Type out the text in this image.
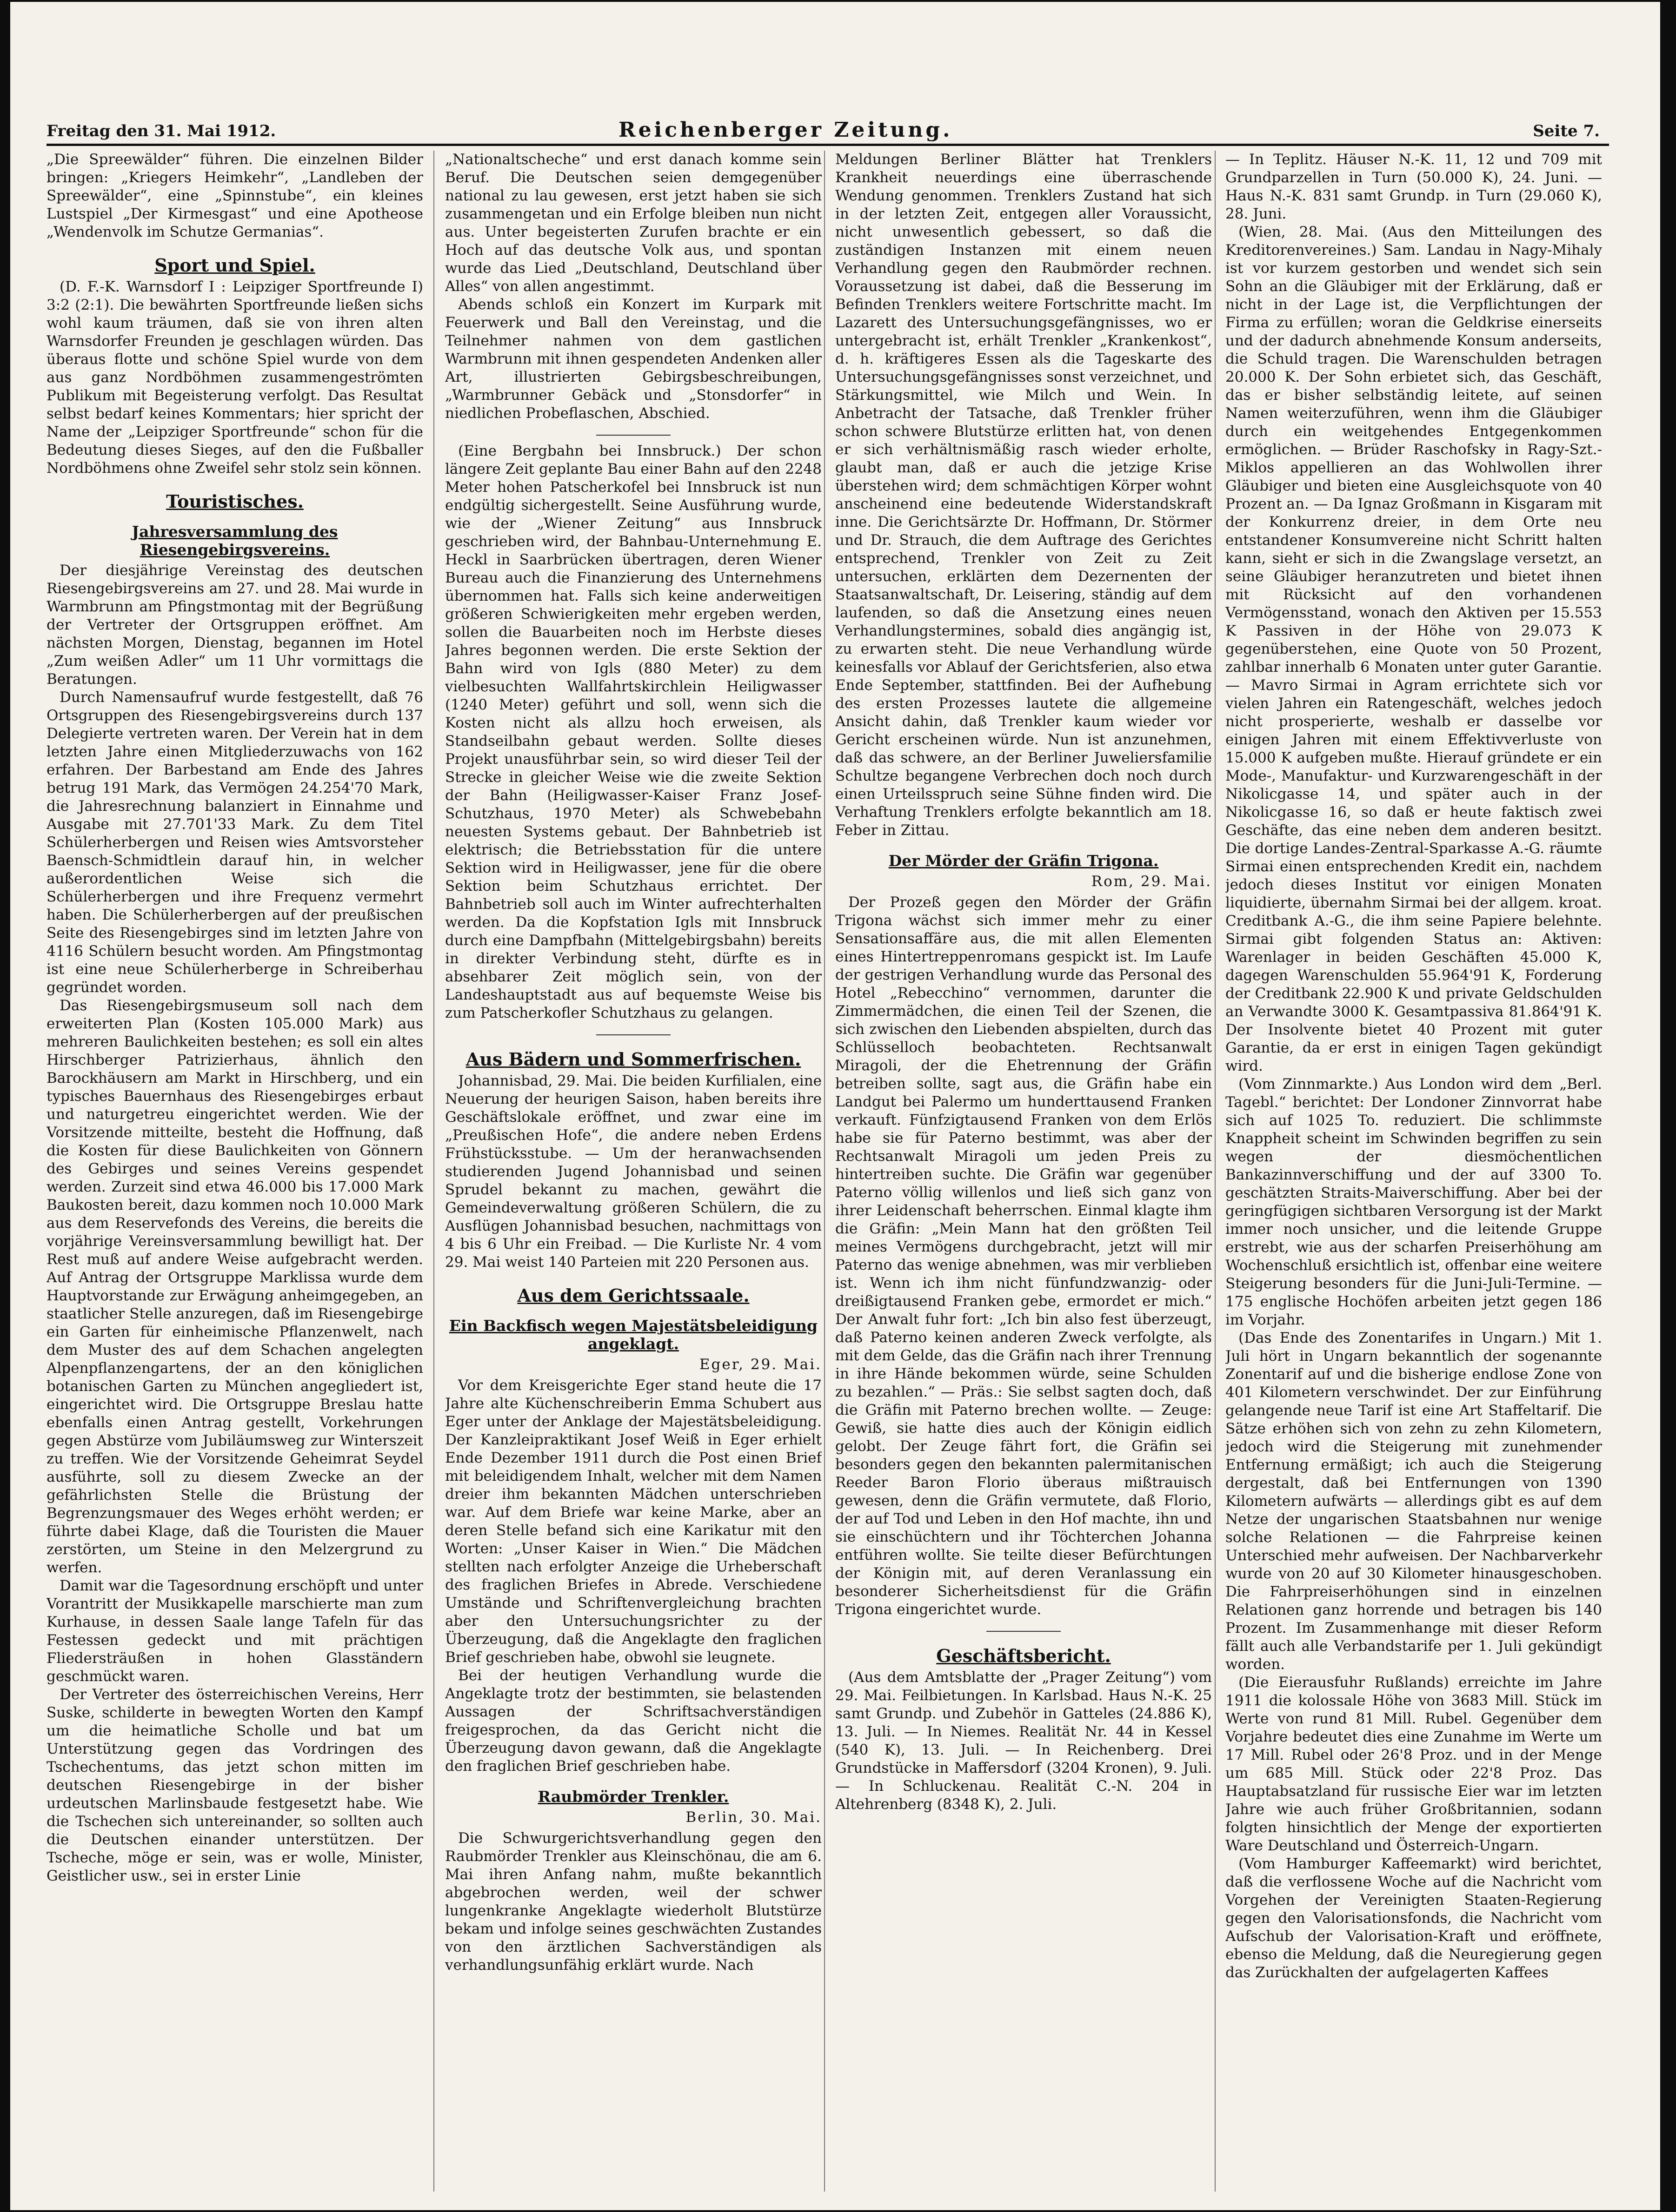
Freitag den 31. Mai 1912.	Reichenberger Zeitung.	Seite 7.

„Die Spreewälder“ führen. Die einzelnen Bilder bringen: „Kriegers Heimkehr“, „Landleben der Spreewälder“, eine „Spinnstube“, ein kleines Lustspiel „Der Kirmesgast“ und eine Apotheose „Wendenvolk im Schutze Germanias“.

Sport und Spiel.

(D. F.-K. Warnsdorf I : Leipziger Sportfreunde I) 3:2 (2:1). Die bewährten Sportfreunde ließen sichs wohl kaum träumen, daß sie von ihren alten Warnsdorfer Freunden je geschlagen würden. Das überaus flotte und schöne Spiel wurde von dem aus ganz Nordböhmen zusammengeströmten Publikum mit Begeisterung verfolgt. Das Resultat selbst bedarf keines Kommentars; hier spricht der Name der „Leipziger Sportfreunde“ schon für die Bedeutung dieses Sieges, auf den die Fußballer Nordböhmens ohne Zweifel sehr stolz sein können.

Touristisches.
Jahresversammlung des Riesengebirgsvereins.

Der diesjährige Vereinstag des deutschen Riesengebirgsvereins am 27. und 28. Mai wurde in Warmbrunn am Pfingstmontag mit der Begrüßung der Vertreter der Ortsgruppen eröffnet. Am nächsten Morgen, Dienstag, begannen im Hotel „Zum weißen Adler“ um 11 Uhr vormittags die Beratungen.

Durch Namensaufruf wurde festgestellt, daß 76 Ortsgruppen des Riesengebirgsvereins durch 137 Delegierte vertreten waren. Der Verein hat in dem letzten Jahre einen Mitgliederzuwachs von 162 erfahren. Der Barbestand am Ende des Jahres betrug 191 Mark, das Vermögen 24.254'70 Mark, die Jahresrechnung balanziert in Einnahme und Ausgabe mit 27.701'33 Mark. Zu dem Titel Schülerherbergen und Reisen wies Amtsvorsteher Baensch-Schmidtlein darauf hin, in welcher außerordentlichen Weise sich die Schülerherbergen und ihre Frequenz vermehrt haben. Die Schülerherbergen auf der preußischen Seite des Riesengebirges sind im letzten Jahre von 4116 Schülern besucht worden. Am Pfingstmontag ist eine neue Schülerherberge in Schreiberhau gegründet worden.

Das Riesengebirgsmuseum soll nach dem erweiterten Plan (Kosten 105.000 Mark) aus mehreren Baulichkeiten bestehen; es soll ein altes Hirschberger Patrizierhaus, ähnlich den Barockhäusern am Markt in Hirschberg, und ein typisches Bauernhaus des Riesengebirges erbaut und naturgetreu eingerichtet werden. Wie der Vorsitzende mitteilte, besteht die Hoffnung, daß die Kosten für diese Baulichkeiten von Gönnern des Gebirges und seines Vereins gespendet werden. Zurzeit sind etwa 46.000 bis 17.000 Mark Baukosten bereit, dazu kommen noch 10.000 Mark aus dem Reservefonds des Vereins, die bereits die vorjährige Vereinsversammlung bewilligt hat. Der Rest muß auf andere Weise aufgebracht werden. Auf Antrag der Ortsgruppe Marklissa wurde dem Hauptvorstande zur Erwägung anheimgegeben, an staatlicher Stelle anzuregen, daß im Riesengebirge ein Garten für einheimische Pflanzenwelt, nach dem Muster des auf dem Schachen angelegten Alpenpflanzengartens, der an den königlichen botanischen Garten zu München angegliedert ist, eingerichtet wird. Die Ortsgruppe Breslau hatte ebenfalls einen Antrag gestellt, Vorkehrungen gegen Abstürze vom Jubiläumsweg zur Winterszeit zu treffen. Wie der Vorsitzende Geheimrat Seydel ausführte, soll zu diesem Zwecke an der gefährlichsten Stelle die Brüstung der Begrenzungsmauer des Weges erhöht werden; er führte dabei Klage, daß die Touristen die Mauer zerstörten, um Steine in den Melzergrund zu werfen.

Damit war die Tagesordnung erschöpft und unter Vorantritt der Musikkapelle marschierte man zum Kurhause, in dessen Saale lange Tafeln für das Festessen gedeckt und mit prächtigen Fliedersträußen in hohen Glasständern geschmückt waren.

Der Vertreter des österreichischen Vereins, Herr Suske, schilderte in bewegten Worten den Kampf um die heimatliche Scholle und bat um Unterstützung gegen das Vordringen des Tschechentums, das jetzt schon mitten im deutschen Riesengebirge in der bisher urdeutschen Marlinsbaude festgesetzt habe. Wie die Tschechen sich untereinander, so sollten auch die Deutschen einander unterstützen. Der Tscheche, möge er sein, was er wolle, Minister, Geistlicher usw., sei in erster Linie

„Nationaltscheche“ und erst danach komme sein Beruf. Die Deutschen seien demgegenüber national zu lau gewesen, erst jetzt haben sie sich zusammengetan und ein Erfolge bleiben nun nicht aus. Unter begeisterten Zurufen brachte er ein Hoch auf das deutsche Volk aus, und spontan wurde das Lied „Deutschland, Deutschland über Alles“ von allen angestimmt.

Abends schloß ein Konzert im Kurpark mit Feuerwerk und Ball den Vereinstag, und die Teilnehmer nahmen von dem gastlichen Warmbrunn mit ihnen gespendeten Andenken aller Art, illustrierten Gebirgsbeschreibungen, „Warmbrunner Gebäck und „Stonsdorfer“ in niedlichen Probeflaschen, Abschied.

(Eine Bergbahn bei Innsbruck.) Der schon längere Zeit geplante Bau einer Bahn auf den 2248 Meter hohen Patscherkofel bei Innsbruck ist nun endgültig sichergestellt. Seine Ausführung wurde, wie der „Wiener Zeitung“ aus Innsbruck geschrieben wird, der Bahnbau-Unternehmung E. Heckl in Saarbrücken übertragen, deren Wiener Bureau auch die Finanzierung des Unternehmens übernommen hat. Falls sich keine anderweitigen größeren Schwierigkeiten mehr ergeben werden, sollen die Bauarbeiten noch im Herbste dieses Jahres begonnen werden. Die erste Sektion der Bahn wird von Igls (880 Meter) zu dem vielbesuchten Wallfahrtskirchlein Heiligwasser (1240 Meter) geführt und soll, wenn sich die Kosten nicht als allzu hoch erweisen, als Standseilbahn gebaut werden. Sollte dieses Projekt unausführbar sein, so wird dieser Teil der Strecke in gleicher Weise wie die zweite Sektion der Bahn (Heiligwasser-Kaiser Franz Josef-Schutzhaus, 1970 Meter) als Schwebebahn neuesten Systems gebaut. Der Bahnbetrieb ist elektrisch; die Betriebsstation für die untere Sektion wird in Heiligwasser, jene für die obere Sektion beim Schutzhaus errichtet. Der Bahnbetrieb soll auch im Winter aufrechterhalten werden. Da die Kopfstation Igls mit Innsbruck durch eine Dampfbahn (Mittelgebirgsbahn) bereits in direkter Verbindung steht, dürfte es in absehbarer Zeit möglich sein, von der Landeshauptstadt aus auf bequemste Weise bis zum Patscherkofler Schutzhaus zu gelangen.

Aus Bädern und Sommerfrischen.

Johannisbad, 29. Mai. Die beiden Kurfilialen, eine Neuerung der heurigen Saison, haben bereits ihre Geschäftslokale eröffnet, und zwar eine im „Preußischen Hofe“, die andere neben Erdens Frühstücksstube. — Um der heranwachsenden studierenden Jugend Johannisbad und seinen Sprudel bekannt zu machen, gewährt die Gemeindeverwaltung größeren Schülern, die zu Ausflügen Johannisbad besuchen, nachmittags von 4 bis 6 Uhr ein Freibad. — Die Kurliste Nr. 4 vom 29. Mai weist 140 Parteien mit 220 Personen aus.

Aus dem Gerichtssaale.
Ein Backfisch wegen Majestätsbeleidigung angeklagt.
Eger, 29. Mai.

Vor dem Kreisgerichte Eger stand heute die 17 Jahre alte Küchenschreiberin Emma Schubert aus Eger unter der Anklage der Majestätsbeleidigung. Der Kanzleipraktikant Josef Weiß in Eger erhielt Ende Dezember 1911 durch die Post einen Brief mit beleidigendem Inhalt, welcher mit dem Namen dreier ihm bekannten Mädchen unterschrieben war. Auf dem Briefe war keine Marke, aber an deren Stelle befand sich eine Karikatur mit den Worten: „Unser Kaiser in Wien.“ Die Mädchen stellten nach erfolgter Anzeige die Urheberschaft des fraglichen Briefes in Abrede. Verschiedene Umstände und Schriftenvergleichung brachten aber den Untersuchungsrichter zu der Überzeugung, daß die Angeklagte den fraglichen Brief geschrieben habe, obwohl sie leugnete.

Bei der heutigen Verhandlung wurde die Angeklagte trotz der bestimmten, sie belastenden Aussagen der Schriftsachverständigen freigesprochen, da das Gericht nicht die Überzeugung davon gewann, daß die Angeklagte den fraglichen Brief geschrieben habe.

Raubmörder Trenkler.
Berlin, 30. Mai.

Die Schwurgerichtsverhandlung gegen den Raubmörder Trenkler aus Kleinschönau, die am 6. Mai ihren Anfang nahm, mußte bekanntlich abgebrochen werden, weil der schwer lungenkranke Angeklagte wiederholt Blutstürze bekam und infolge seines geschwächten Zustandes von den ärztlichen Sachverständigen als verhandlungsunfähig erklärt wurde. Nach

Meldungen Berliner Blätter hat Trenklers Krankheit neuerdings eine überraschende Wendung genommen. Trenklers Zustand hat sich in der letzten Zeit, entgegen aller Voraussicht, nicht unwesentlich gebessert, so daß die zuständigen Instanzen mit einem neuen Verhandlung gegen den Raubmörder rechnen. Voraussetzung ist dabei, daß die Besserung im Befinden Trenklers weitere Fortschritte macht. Im Lazarett des Untersuchungsgefängnisses, wo er untergebracht ist, erhält Trenkler „Krankenkost“, d. h. kräftigeres Essen als die Tageskarte des Untersuchungsgefängnisses sonst verzeichnet, und Stärkungsmittel, wie Milch und Wein. In Anbetracht der Tatsache, daß Trenkler früher schon schwere Blutstürze erlitten hat, von denen er sich verhältnismäßig rasch wieder erholte, glaubt man, daß er auch die jetzige Krise überstehen wird; dem schmächtigen Körper wohnt anscheinend eine bedeutende Widerstandskraft inne. Die Gerichtsärzte Dr. Hoffmann, Dr. Störmer und Dr. Strauch, die dem Auftrage des Gerichtes entsprechend, Trenkler von Zeit zu Zeit untersuchen, erklärten dem Dezernenten der Staatsanwaltschaft, Dr. Leisering, ständig auf dem laufenden, so daß die Ansetzung eines neuen Verhandlungstermines, sobald dies angängig ist, zu erwarten steht. Die neue Verhandlung würde keinesfalls vor Ablauf der Gerichtsferien, also etwa Ende September, stattfinden. Bei der Aufhebung des ersten Prozesses lautete die allgemeine Ansicht dahin, daß Trenkler kaum wieder vor Gericht erscheinen würde. Nun ist anzunehmen, daß das schwere, an der Berliner Juweliersfamilie Schultze begangene Verbrechen doch noch durch einen Urteilsspruch seine Sühne finden wird. Die Verhaftung Trenklers erfolgte bekanntlich am 18. Feber in Zittau.

Der Mörder der Gräfin Trigona.
Rom, 29. Mai.

Der Prozeß gegen den Mörder der Gräfin Trigona wächst sich immer mehr zu einer Sensationsaffäre aus, die mit allen Elementen eines Hintertreppenromans gespickt ist. Im Laufe der gestrigen Verhandlung wurde das Personal des Hotel „Rebecchino“ vernommen, darunter die Zimmermädchen, die einen Teil der Szenen, die sich zwischen den Liebenden abspielten, durch das Schlüsselloch beobachteten. Rechtsanwalt Miragoli, der die Ehetrennung der Gräfin betreiben sollte, sagt aus, die Gräfin habe ein Landgut bei Palermo um hunderttausend Franken verkauft. Fünfzigtausend Franken von dem Erlös habe sie für Paterno bestimmt, was aber der Rechtsanwalt Miragoli um jeden Preis zu hintertreiben suchte. Die Gräfin war gegenüber Paterno völlig willenlos und ließ sich ganz von ihrer Leidenschaft beherrschen. Einmal klagte ihm die Gräfin: „Mein Mann hat den größten Teil meines Vermögens durchgebracht, jetzt will mir Paterno das wenige abnehmen, was mir verblieben ist. Wenn ich ihm nicht fünfundzwanzig- oder dreißigtausend Franken gebe, ermordet er mich.“ Der Anwalt fuhr fort: „Ich bin also fest überzeugt, daß Paterno keinen anderen Zweck verfolgte, als mit dem Gelde, das die Gräfin nach ihrer Trennung in ihre Hände bekommen würde, seine Schulden zu bezahlen.“ — Präs.: Sie selbst sagten doch, daß die Gräfin mit Paterno brechen wollte. — Zeuge: Gewiß, sie hatte dies auch der Königin eidlich gelobt. Der Zeuge fährt fort, die Gräfin sei besonders gegen den bekannten palermitanischen Reeder Baron Florio überaus mißtrauisch gewesen, denn die Gräfin vermutete, daß Florio, der auf Tod und Leben in den Hof machte, ihn und sie einschüchtern und ihr Töchterchen Johanna entführen wollte. Sie teilte dieser Befürchtungen der Königin mit, auf deren Veranlassung ein besonderer Sicherheitsdienst für die Gräfin Trigona eingerichtet wurde.

Geschäftsbericht.

(Aus dem Amtsblatte der „Prager Zeitung“) vom 29. Mai. Feilbietungen. In Karlsbad. Haus N.-K. 25 samt Grundp. und Zubehör in Gatteles (24.886 K), 13. Juli. — In Niemes. Realität Nr. 44 in Kessel (540 K), 13. Juli. — In Reichenberg. Drei Grundstücke in Maffersdorf (3204 Kronen), 9. Juli. — In Schluckenau. Realität C.-N. 204 in Altehrenberg (8348 K), 2. Juli.

— In Teplitz. Häuser N.-K. 11, 12 und 709 mit Grundparzellen in Turn (50.000 K), 24. Juni. — Haus N.-K. 831 samt Grundp. in Turn (29.060 K), 28. Juni.

(Wien, 28. Mai. (Aus den Mitteilungen des Kreditorenvereines.) Sam. Landau in Nagy-Mihaly ist vor kurzem gestorben und wendet sich sein Sohn an die Gläubiger mit der Erklärung, daß er nicht in der Lage ist, die Verpflichtungen der Firma zu erfüllen; woran die Geldkrise einerseits und der dadurch abnehmende Konsum anderseits, die Schuld tragen. Die Warenschulden betragen 20.000 K. Der Sohn erbietet sich, das Geschäft, das er bisher selbständig leitete, auf seinen Namen weiterzuführen, wenn ihm die Gläubiger durch ein weitgehendes Entgegenkommen ermöglichen. — Brüder Raschofsky in Ragy-Szt.-Miklos appellieren an das Wohlwollen ihrer Gläubiger und bieten eine Ausgleichsquote von 40 Prozent an. — Da Ignaz Großmann in Kisgaram mit der Konkurrenz dreier, in dem Orte neu entstandener Konsumvereine nicht Schritt halten kann, sieht er sich in die Zwangslage versetzt, an seine Gläubiger heranzutreten und bietet ihnen mit Rücksicht auf den vorhandenen Vermögensstand, wonach den Aktiven per 15.553 K Passiven in der Höhe von 29.073 K gegenüberstehen, eine Quote von 50 Prozent, zahlbar innerhalb 6 Monaten unter guter Garantie. — Mavro Sirmai in Agram errichtete sich vor vielen Jahren ein Ratengeschäft, welches jedoch nicht prosperierte, weshalb er dasselbe vor einigen Jahren mit einem Effektivverluste von 15.000 K aufgeben mußte. Hierauf gründete er ein Mode-, Manufaktur- und Kurzwarengeschäft in der Nikolicgasse 14, und später auch in der Nikolicgasse 16, so daß er heute faktisch zwei Geschäfte, das eine neben dem anderen besitzt. Die dortige Landes-Zentral-Sparkasse A.-G. räumte Sirmai einen entsprechenden Kredit ein, nachdem jedoch dieses Institut vor einigen Monaten liquidierte, übernahm Sirmai bei der allgem. kroat. Creditbank A.-G., die ihm seine Papiere belehnte. Sirmai gibt folgenden Status an: Aktiven: Warenlager in beiden Geschäften 45.000 K, dagegen Warenschulden 55.964'91 K, Forderung der Creditbank 22.900 K und private Geldschulden an Verwandte 3000 K. Gesamtpassiva 81.864'91 K. Der Insolvente bietet 40 Prozent mit guter Garantie, da er erst in einigen Tagen gekündigt wird.

(Vom Zinnmarkte.) Aus London wird dem „Berl. Tagebl.“ berichtet: Der Londoner Zinnvorrat habe sich auf 1025 To. reduziert. Die schlimmste Knappheit scheint im Schwinden begriffen zu sein wegen der diesmöchentlichen Bankazinnverschiffung und der auf 3300 To. geschätzten Straits-Maiverschiffung. Aber bei der geringfügigen sichtbaren Versorgung ist der Markt immer noch unsicher, und die leitende Gruppe erstrebt, wie aus der scharfen Preiserhöhung am Wochenschluß ersichtlich ist, offenbar eine weitere Steigerung besonders für die Juni-Juli-Termine. — 175 englische Hochöfen arbeiten jetzt gegen 186 im Vorjahr.

(Das Ende des Zonentarifes in Ungarn.) Mit 1. Juli hört in Ungarn bekanntlich der sogenannte Zonentarif auf und die bisherige endlose Zone von 401 Kilometern verschwindet. Der zur Einführung gelangende neue Tarif ist eine Art Staffeltarif. Die Sätze erhöhen sich von zehn zu zehn Kilometern, jedoch wird die Steigerung mit zunehmender Entfernung ermäßigt; ich auch die Steigerung dergestalt, daß bei Entfernungen von 1390 Kilometern aufwärts — allerdings gibt es auf dem Netze der ungarischen Staatsbahnen nur wenige solche Relationen — die Fahrpreise keinen Unterschied mehr aufweisen. Der Nachbarverkehr wurde von 20 auf 30 Kilometer hinausgeschoben. Die Fahrpreiserhöhungen sind in einzelnen Relationen ganz horrende und betragen bis 140 Prozent. Im Zusammenhange mit dieser Reform fällt auch alle Verbandstarife per 1. Juli gekündigt worden.

(Die Eierausfuhr Rußlands) erreichte im Jahre 1911 die kolossale Höhe von 3683 Mill. Stück im Werte von rund 81 Mill. Rubel. Gegenüber dem Vorjahre bedeutet dies eine Zunahme im Werte um 17 Mill. Rubel oder 26'8 Proz. und in der Menge um 685 Mill. Stück oder 22'8 Proz. Das Hauptabsatzland für russische Eier war im letzten Jahre wie auch früher Großbritannien, sodann folgten hinsichtlich der Menge der exportierten Ware Deutschland und Österreich-Ungarn.

(Vom Hamburger Kaffeemarkt) wird berichtet, daß die verflossene Woche auf die Nachricht vom Vorgehen der Vereinigten Staaten-Regierung gegen den Valorisationsfonds, die Nachricht vom Aufschub der Valorisation-Kraft und eröffnete, ebenso die Meldung, daß die Neuregierung gegen das Zurückhalten der aufgelagerten Kaffees
